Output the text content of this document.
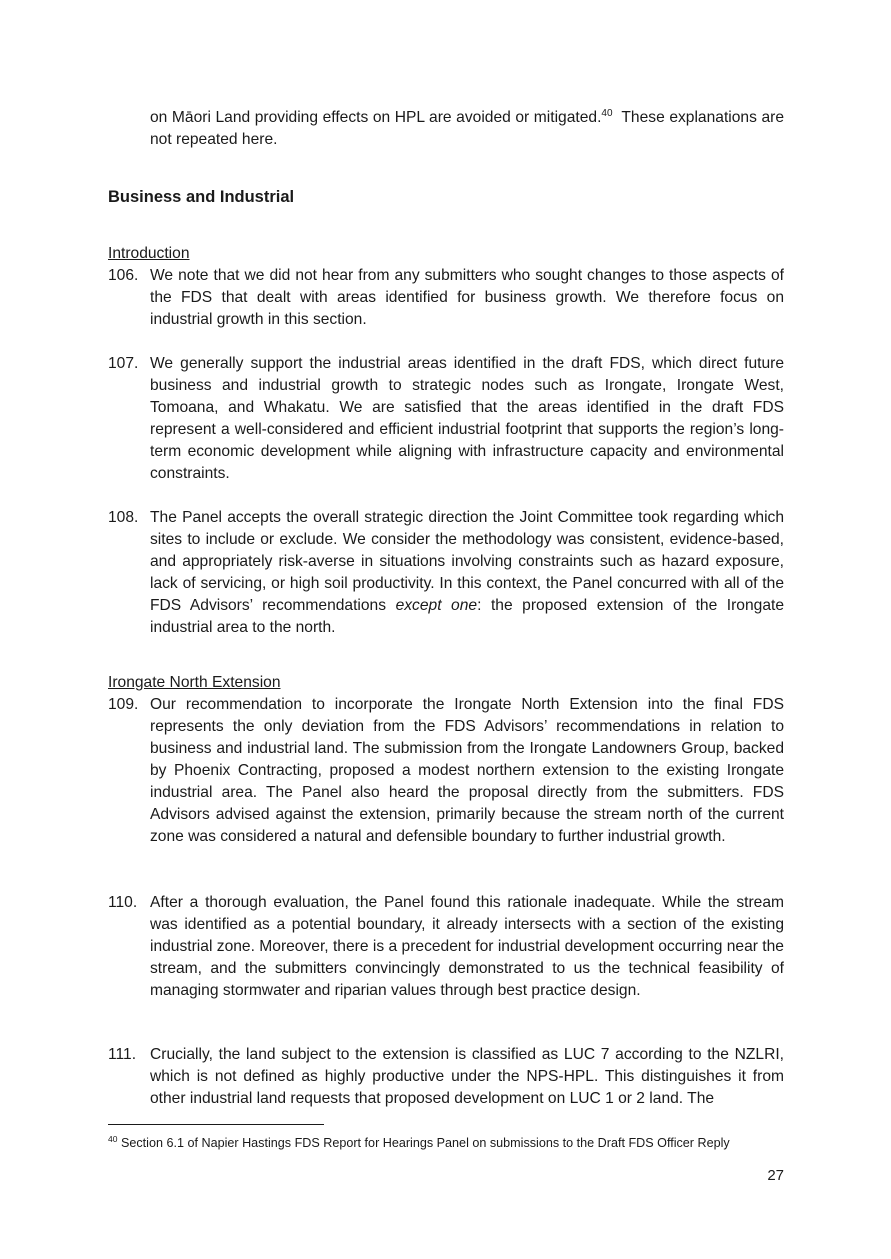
on Māori Land providing effects on HPL are avoided or mitigated.$^{40}$  These explanations are not repeated here.

Business and Industrial

Introduction

106. We note that we did not hear from any submitters who sought changes to those aspects of the FDS that dealt with areas identified for business growth. We therefore focus on industrial growth in this section.
107. We generally support the industrial areas identified in the draft FDS, which direct future business and industrial growth to strategic nodes such as Irongate, Irongate West, Tomoana, and Whakatu. We are satisfied that the areas identified in the draft FDS represent a well-considered and efficient industrial footprint that supports the region’s long-term economic development while aligning with infrastructure capacity and environmental constraints.
108. The Panel accepts the overall strategic direction the Joint Committee took regarding which sites to include or exclude. We consider the methodology was consistent, evidence-based, and appropriately risk-averse in situations involving constraints such as hazard exposure, lack of servicing, or high soil productivity. In this context, the Panel concurred with all of the FDS Advisors’ recommendations except one: the proposed extension of the Irongate industrial area to the north.

Irongate North Extension

109. Our recommendation to incorporate the Irongate North Extension into the final FDS represents the only deviation from the FDS Advisors’ recommendations in relation to business and industrial land. The submission from the Irongate Landowners Group, backed by Phoenix Contracting, proposed a modest northern extension to the existing Irongate industrial area. The Panel also heard the proposal directly from the submitters. FDS Advisors advised against the extension, primarily because the stream north of the current zone was considered a natural and defensible boundary to further industrial growth.
110. After a thorough evaluation, the Panel found this rationale inadequate. While the stream was identified as a potential boundary, it already intersects with a section of the existing industrial zone. Moreover, there is a precedent for industrial development occurring near the stream, and the submitters convincingly demonstrated to us the technical feasibility of managing stormwater and riparian values through best practice design.
111. Crucially, the land subject to the extension is classified as LUC 7 according to the NZLRI, which is not defined as highly productive under the NPS-HPL. This distinguishes it from other industrial land requests that proposed development on LUC 1 or 2 land. The
$^{40}$ Section 6.1 of Napier Hastings FDS Report for Hearings Panel on submissions to the Draft FDS Officer Reply
27
